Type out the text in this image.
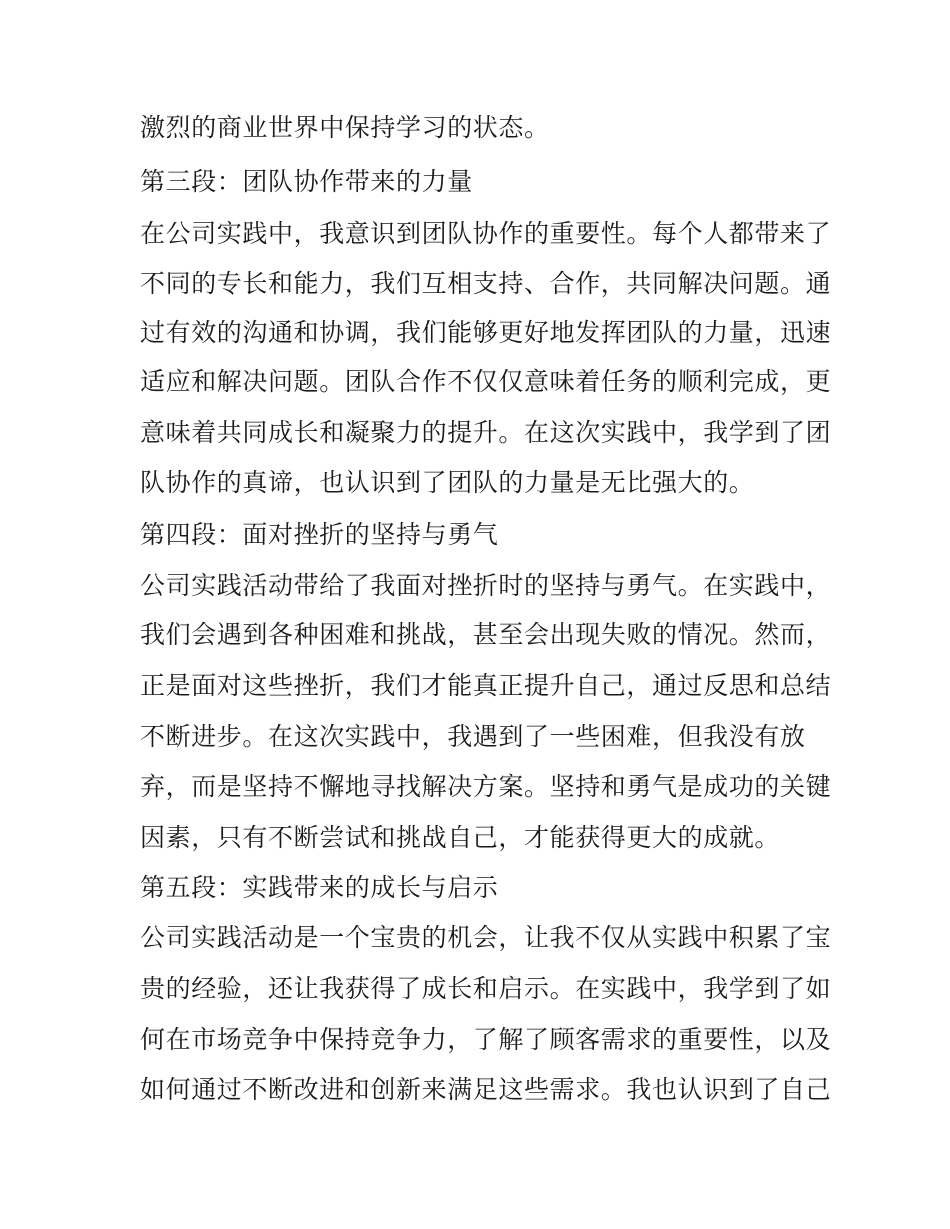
激烈的商业世界中保持学习的状态。
第三段：团队协作带来的力量
在公司实践中，我意识到团队协作的重要性。每个人都带来了
不同的专长和能力，我们互相支持、合作，共同解决问题。通
过有效的沟通和协调，我们能够更好地发挥团队的力量，迅速
适应和解决问题。团队合作不仅仅意味着任务的顺利完成，更
意味着共同成长和凝聚力的提升。在这次实践中，我学到了团
队协作的真谛，也认识到了团队的力量是无比强大的。
第四段：面对挫折的坚持与勇气
公司实践活动带给了我面对挫折时的坚持与勇气。在实践中，
我们会遇到各种困难和挑战，甚至会出现失败的情况。然而，
正是面对这些挫折，我们才能真正提升自己，通过反思和总结
不断进步。在这次实践中，我遇到了一些困难，但我没有放
弃，而是坚持不懈地寻找解决方案。坚持和勇气是成功的关键
因素，只有不断尝试和挑战自己，才能获得更大的成就。
第五段：实践带来的成长与启示
公司实践活动是一个宝贵的机会，让我不仅从实践中积累了宝
贵的经验，还让我获得了成长和启示。在实践中，我学到了如
何在市场竞争中保持竞争力，了解了顾客需求的重要性，以及
如何通过不断改进和创新来满足这些需求。我也认识到了自己
